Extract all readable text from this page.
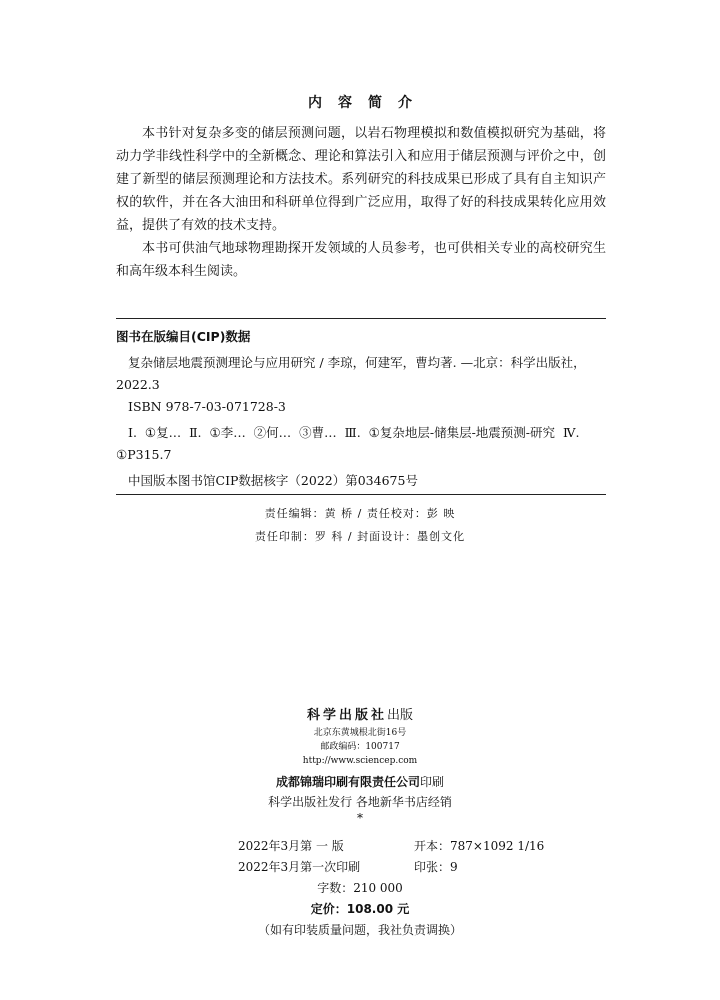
内容简介

本书针对复杂多变的储层预测问题，以岩石物理模拟和数值模拟研究为基础，将动力学非线性科学中的全新概念、理论和算法引入和应用于储层预测与评价之中，创建了新型的储层预测理论和方法技术。系列研究的科技成果已形成了具有自主知识产权的软件，并在各大油田和科研单位得到广泛应用，取得了好的科技成果转化应用效益，提供了有效的技术支持。

本书可供油气地球物理勘探开发领域的人员参考，也可供相关专业的高校研究生和高年级本科生阅读。

图书在版编目(CIP)数据
复杂储层地震预测理论与应用研究 / 李琼，何建军，曹均著. —北京：科学出版社，2022.3
ISBN 978-7-03-071728-3
Ⅰ. ①复… Ⅱ. ①李… ②何… ③曹… Ⅲ. ①复杂地层-储集层-地震预测-研究 Ⅳ. ①P315.7
中国版本图书馆CIP数据核字（2022）第034675号
责任编辑：黄 桥 / 责任校对：彭 映
责任印制：罗 科 / 封面设计：墨创文化
科学出版社出版
北京东黄城根北街16号
邮政编码：100717
http://www.sciencep.com
成都锦瑞印刷有限责任公司印刷
科学出版社发行 各地新华书店经销
*
2022年3月第 一 版	开本：787×1092 1/16
2022年3月第一次印刷	印张：9
字数：210 000
定价：108.00 元
（如有印装质量问题，我社负责调换）
